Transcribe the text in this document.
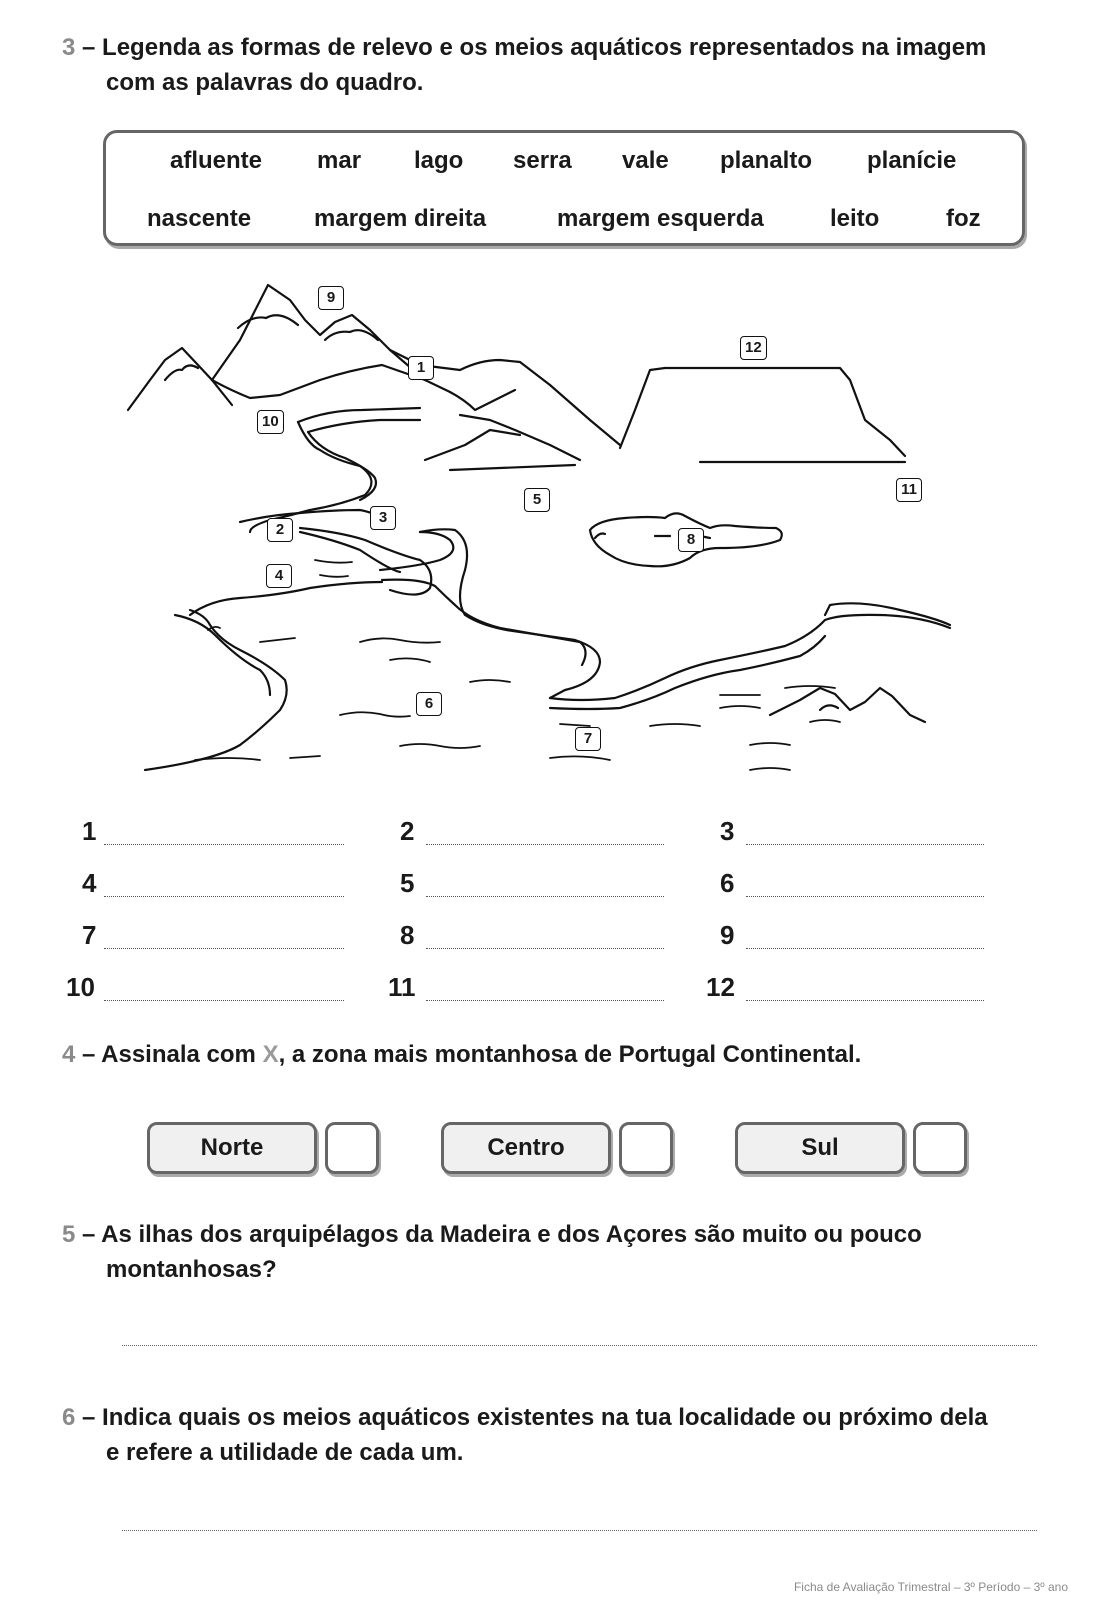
3 – Legenda as formas de relevo e os meios aquáticos representados na imagem
com as palavras do quadro.
afluente mar lago serra vale planalto planície
nascente	margem direita	margem esquerda	leito	foz
9
12
1
10
11
5
3
2
8
4
6
7
1	2	3
4	5	6
7	8	9
10	11	12
4 – Assinala com X, a zona mais montanhosa de Portugal Continental.
Norte	Centro	Sul
5 – As ilhas dos arquipélagos da Madeira e dos Açores são muito ou pouco
montanhosas?
6 – Indica quais os meios aquáticos existentes na tua localidade ou próximo dela
e refere a utilidade de cada um.
Ficha de Avaliação Trimestral – 3º Período – 3º ano
